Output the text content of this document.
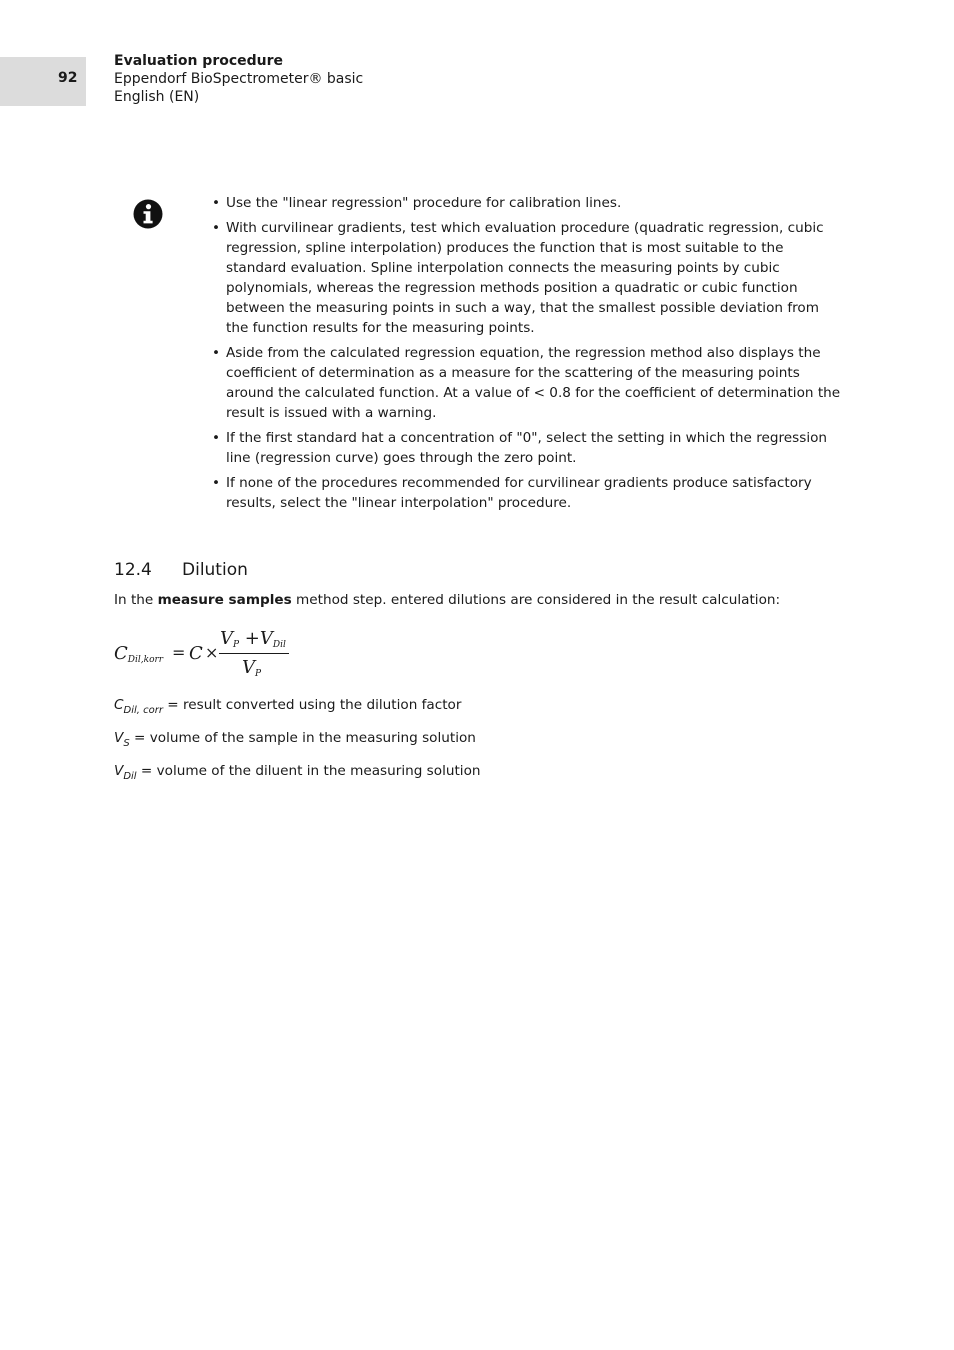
92
Evaluation procedure
Eppendorf BioSpectrometer® basic
English (EN)
• Use the "linear regression" procedure for calibration lines.
• With curvilinear gradients, test which evaluation procedure (quadratic regression, cubic regression, spline interpolation) produces the function that is most suitable to the standard evaluation. Spline interpolation connects the measuring points by cubic polynomials, whereas the regression methods position a quadratic or cubic function between the measuring points in such a way, that the smallest possible deviation from the function results for the measuring points.
• Aside from the calculated regression equation, the regression method also displays the coefficient of determination as a measure for the scattering of the measuring points around the calculated function. At a value of < 0.8 for the coefficient of determination the result is issued with a warning.
• If the first standard hat a concentration of "0", select the setting in which the regression line (regression curve) goes through the zero point.
• If none of the procedures recommended for curvilinear gradients produce satisfactory results, select the "linear interpolation" procedure.
12.4 Dilution
In the measure samples method step. entered dilutions are considered in the result calculation:
$C_{Dil,korr} = C$ ×
$V_P +V_{Dil}$
$V_P$
$C_{Dil, corr}$ = result converted using the dilution factor
$V_S$ = volume of the sample in the measuring solution
$V_{Dil}$ = volume of the diluent in the measuring solution
